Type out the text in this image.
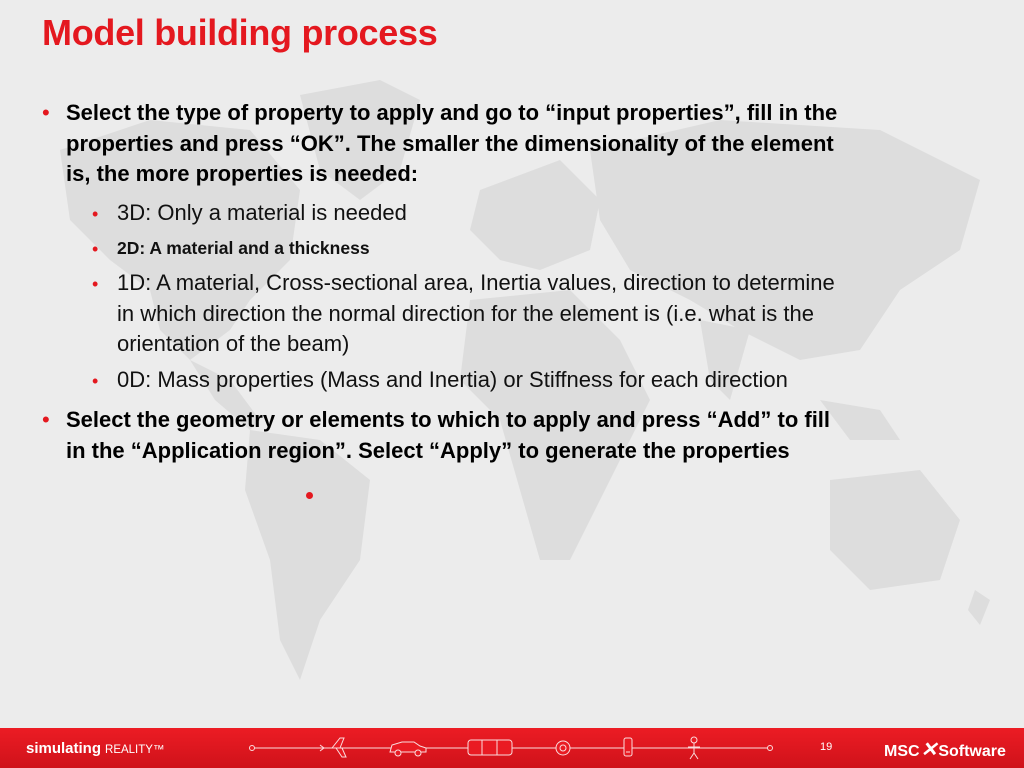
Model building process
• Select the type of property to apply and go to “input properties”, fill in the properties and press “OK”. The smaller the dimensionality of the element is, the more properties is needed:
• 3D: Only a material is needed
• 2D: A material and a thickness
• 1D: A material, Cross-sectional area, Inertia values, direction to determine in which direction the normal direction for the element is (i.e. what is the orientation of the beam)
• 0D: Mass properties (Mass and Inertia) or Stiffness for each direction
• Select the geometry or elements to which to apply and press “Add” to fill in the “Application region”. Select “Apply” to generate the properties
simulating REALITY™	19	MSC✕Software
